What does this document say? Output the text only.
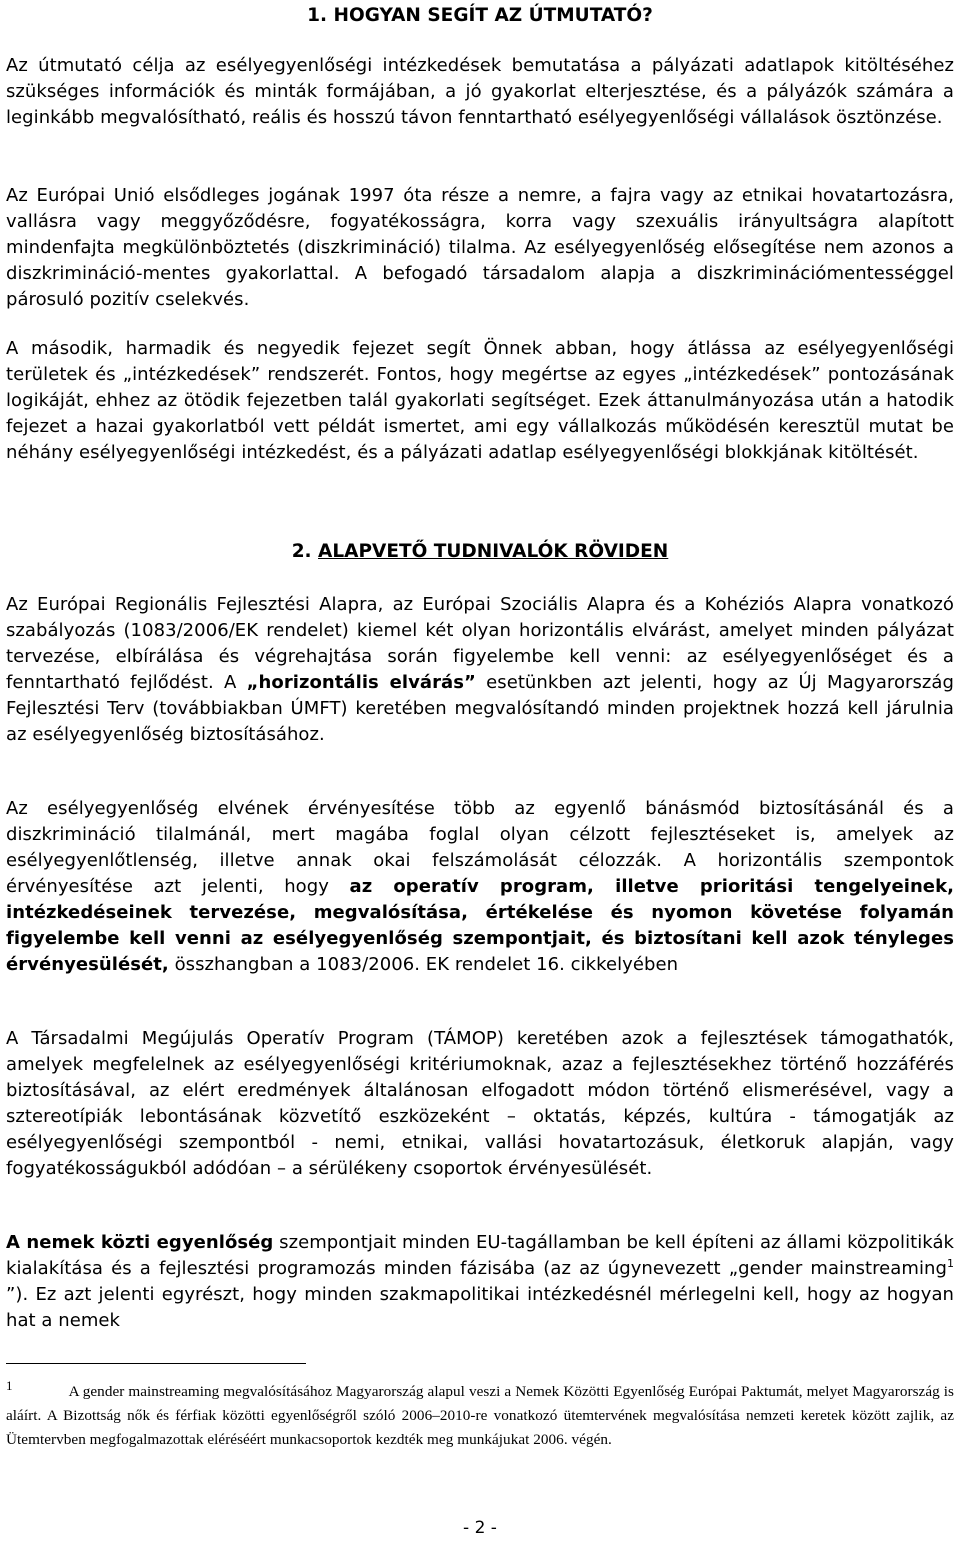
1. HOGYAN SEGÍT AZ ÚTMUTATÓ?

Az útmutató célja az esélyegyenlőségi intézkedések bemutatása a pályázati adatlapok kitöltéséhez szükséges információk és minták formájában, a jó gyakorlat elterjesztése, és a pályázók számára a leginkább megvalósítható, reális és hosszú távon fenntartható esélyegyenlőségi vállalások ösztönzése.

Az Európai Unió elsődleges jogának 1997 óta része a nemre, a fajra vagy az etnikai hovatartozásra, vallásra vagy meggyőződésre, fogyatékosságra, korra vagy szexuális irányultságra alapított mindenfajta megkülönböztetés (diszkrimináció) tilalma. Az esélyegyenlőség elősegítése nem azonos a diszkrimináció-mentes gyakorlattal. A befogadó társadalom alapja a diszkriminációmentességgel párosuló pozitív cselekvés.

A második, harmadik és negyedik fejezet segít Önnek abban, hogy átlássa az esélyegyenlőségi területek és „intézkedések” rendszerét. Fontos, hogy megértse az egyes „intézkedések” pontozásának logikáját, ehhez az ötödik fejezetben talál gyakorlati segítséget. Ezek áttanulmányozása után a hatodik fejezet a hazai gyakorlatból vett példát ismertet, ami egy vállalkozás működésén keresztül mutat be néhány esélyegyenlőségi intézkedést, és a pályázati adatlap esélyegyenlőségi blokkjának kitöltését.

2. ALAPVETŐ TUDNIVALÓK RÖVIDEN

Az Európai Regionális Fejlesztési Alapra, az Európai Szociális Alapra és a Kohéziós Alapra vonatkozó szabályozás (1083/2006/EK rendelet) kiemel két olyan horizontális elvárást, amelyet minden pályázat tervezése, elbírálása és végrehajtása során figyelembe kell venni: az esélyegyenlőséget és a fenntartható fejlődést. A „horizontális elvárás” esetünkben azt jelenti, hogy az Új Magyarország Fejlesztési Terv (továbbiakban ÚMFT) keretében megvalósítandó minden projektnek hozzá kell járulnia az esélyegyenlőség biztosításához.

Az esélyegyenlőség elvének érvényesítése több az egyenlő bánásmód biztosításánál és a diszkrimináció tilalmánál, mert magába foglal olyan célzott fejlesztéseket is, amelyek az esélyegyenlőtlenség, illetve annak okai felszámolását célozzák. A horizontális szempontok érvényesítése azt jelenti, hogy az operatív program, illetve prioritási tengelyeinek, intézkedéseinek tervezése, megvalósítása, értékelése és nyomon követése folyamán figyelembe kell venni az esélyegyenlőség szempontjait, és biztosítani kell azok tényleges érvényesülését, összhangban a 1083/2006. EK rendelet 16. cikkelyében

A Társadalmi Megújulás Operatív Program (TÁMOP) keretében azok a fejlesztések támogathatók, amelyek megfelelnek az esélyegyenlőségi kritériumoknak, azaz a fejlesztésekhez történő hozzáférés biztosításával, az elért eredmények általánosan elfogadott módon történő elismerésével, vagy a sztereotípiák lebontásának közvetítő eszközeként – oktatás, képzés, kultúra - támogatják az esélyegyenlőségi szempontból - nemi, etnikai, vallási hovatartozásuk, életkoruk alapján, vagy fogyatékosságukból adódóan – a sérülékeny csoportok érvényesülését.

A nemek közti egyenlőség szempontjait minden EU-tagállamban be kell építeni az állami közpolitikák kialakítása és a fejlesztési programozás minden fázisába (az az úgynevezett „gender mainstreaming$^1$ ”). Ez azt jelenti egyrészt, hogy minden szakmapolitikai intézkedésnél mérlegelni kell, hogy az hogyan hat a nemek

1	A gender mainstreaming megvalósításához Magyarország alapul veszi a Nemek Közötti Egyenlőség Európai Paktumát, melyet Magyarország is aláírt. A Bizottság nők és férfiak közötti egyenlőségről szóló 2006–2010-re vonatkozó ütemtervének megvalósítása nemzeti keretek között zajlik, az Ütemtervben megfogalmazottak eléréséért munkacsoportok kezdték meg munkájukat 2006. végén.

- 2 -
